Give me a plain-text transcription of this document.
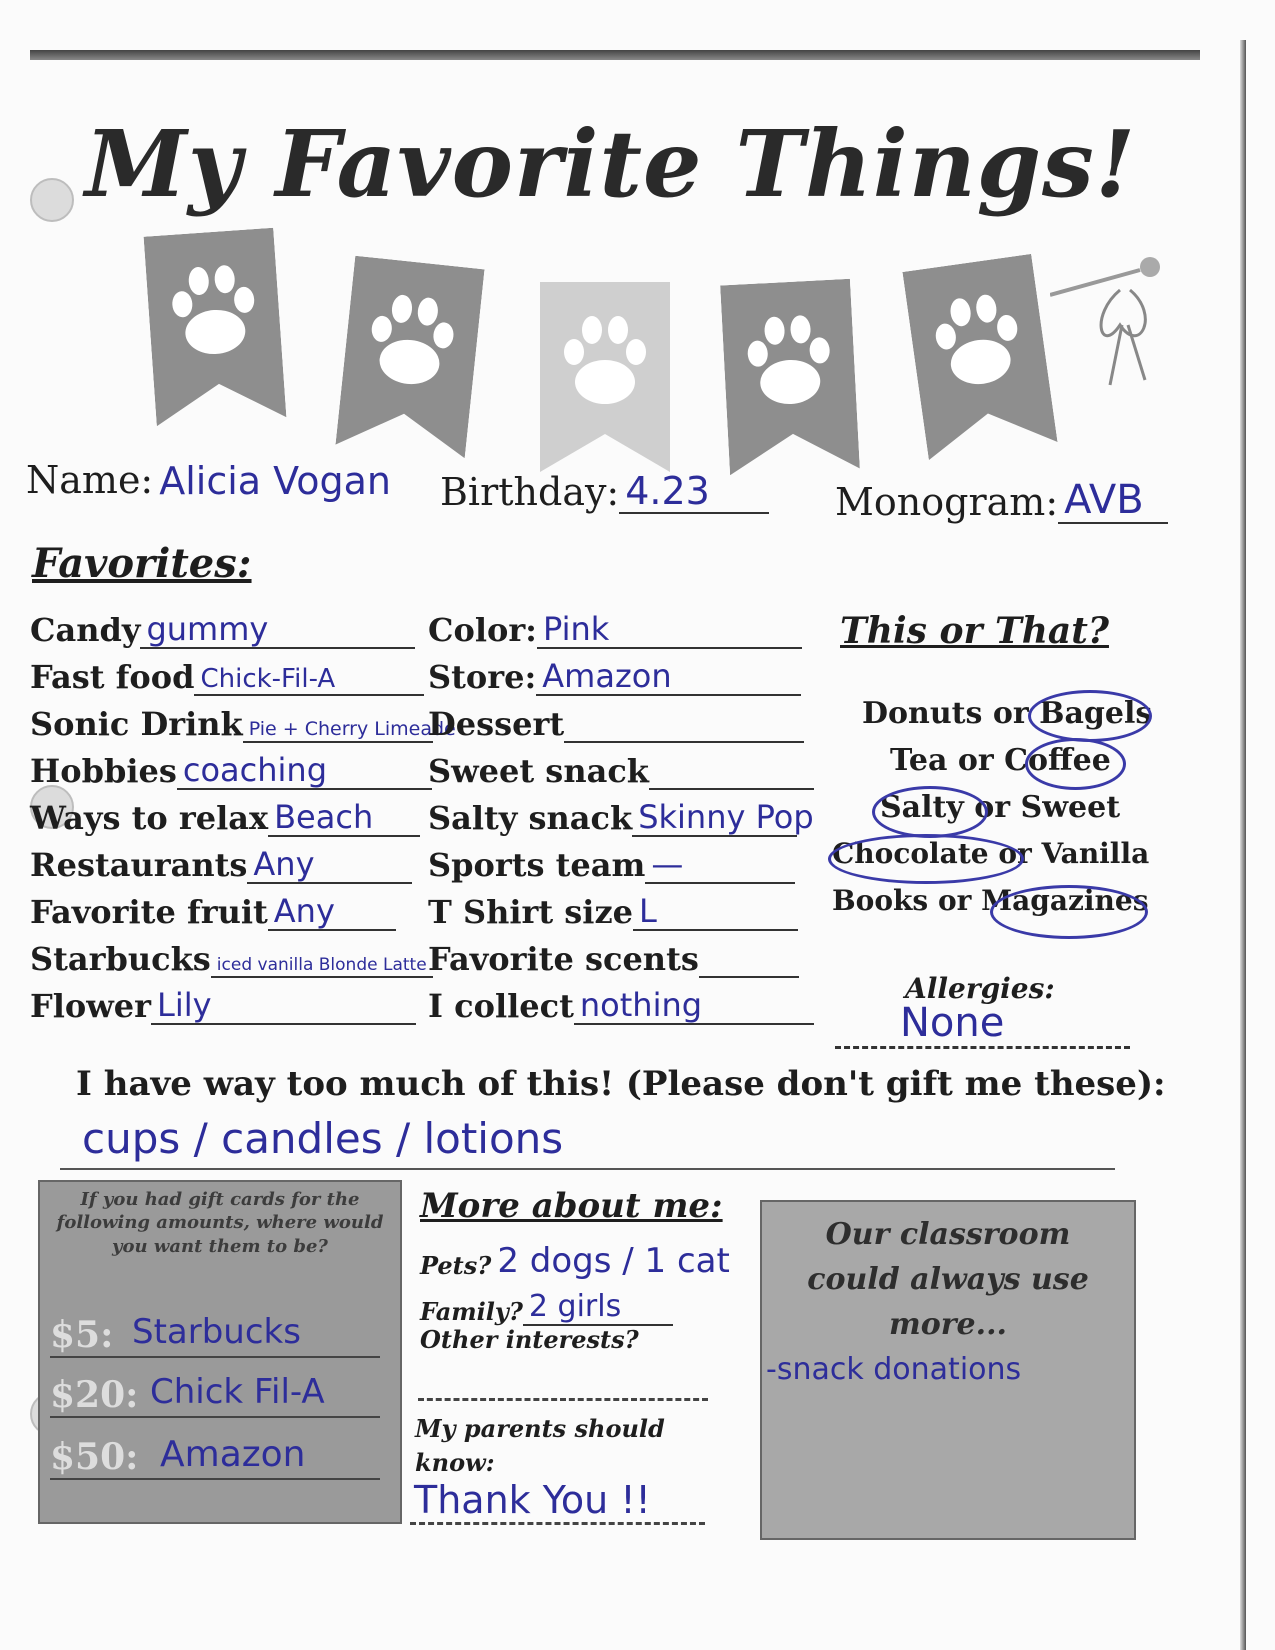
My Favorite Things!
Name: Alicia Vogan Birthday: 4.23	Monogram: AVB
Favorites:
Candy gummy
Fast food Chick-Fil-A
Sonic Drink Pie + Cherry Limeade
Hobbies coaching
Ways to relax Beach
Restaurants Any
Favorite fruit Any
Starbucks iced vanilla Blonde Latte
Flower Lily
Color: Pink
Store: Amazon
Dessert
Sweet snack
Salty snack Skinny Pop
Sports team —
T Shirt size L
Favorite scents
I collect nothing
This or That?
Donuts or Bagels
Tea or Coffee
Salty or Sweet
Chocolate or Vanilla
Books or Magazines
Allergies:
None
I have way too much of this! (Please don't gift me these):
cups / candles / lotions
If you had gift cards for the following amounts, where would you want them to be?
$5: Starbucks
$20: Chick Fil-A
$50: Amazon
More about me:
Pets? 2 dogs / 1 cat
Family? 2 girls
Other interests?
My parents should know:
Thank You !!
Our classroom could always use more...
-snack donations
